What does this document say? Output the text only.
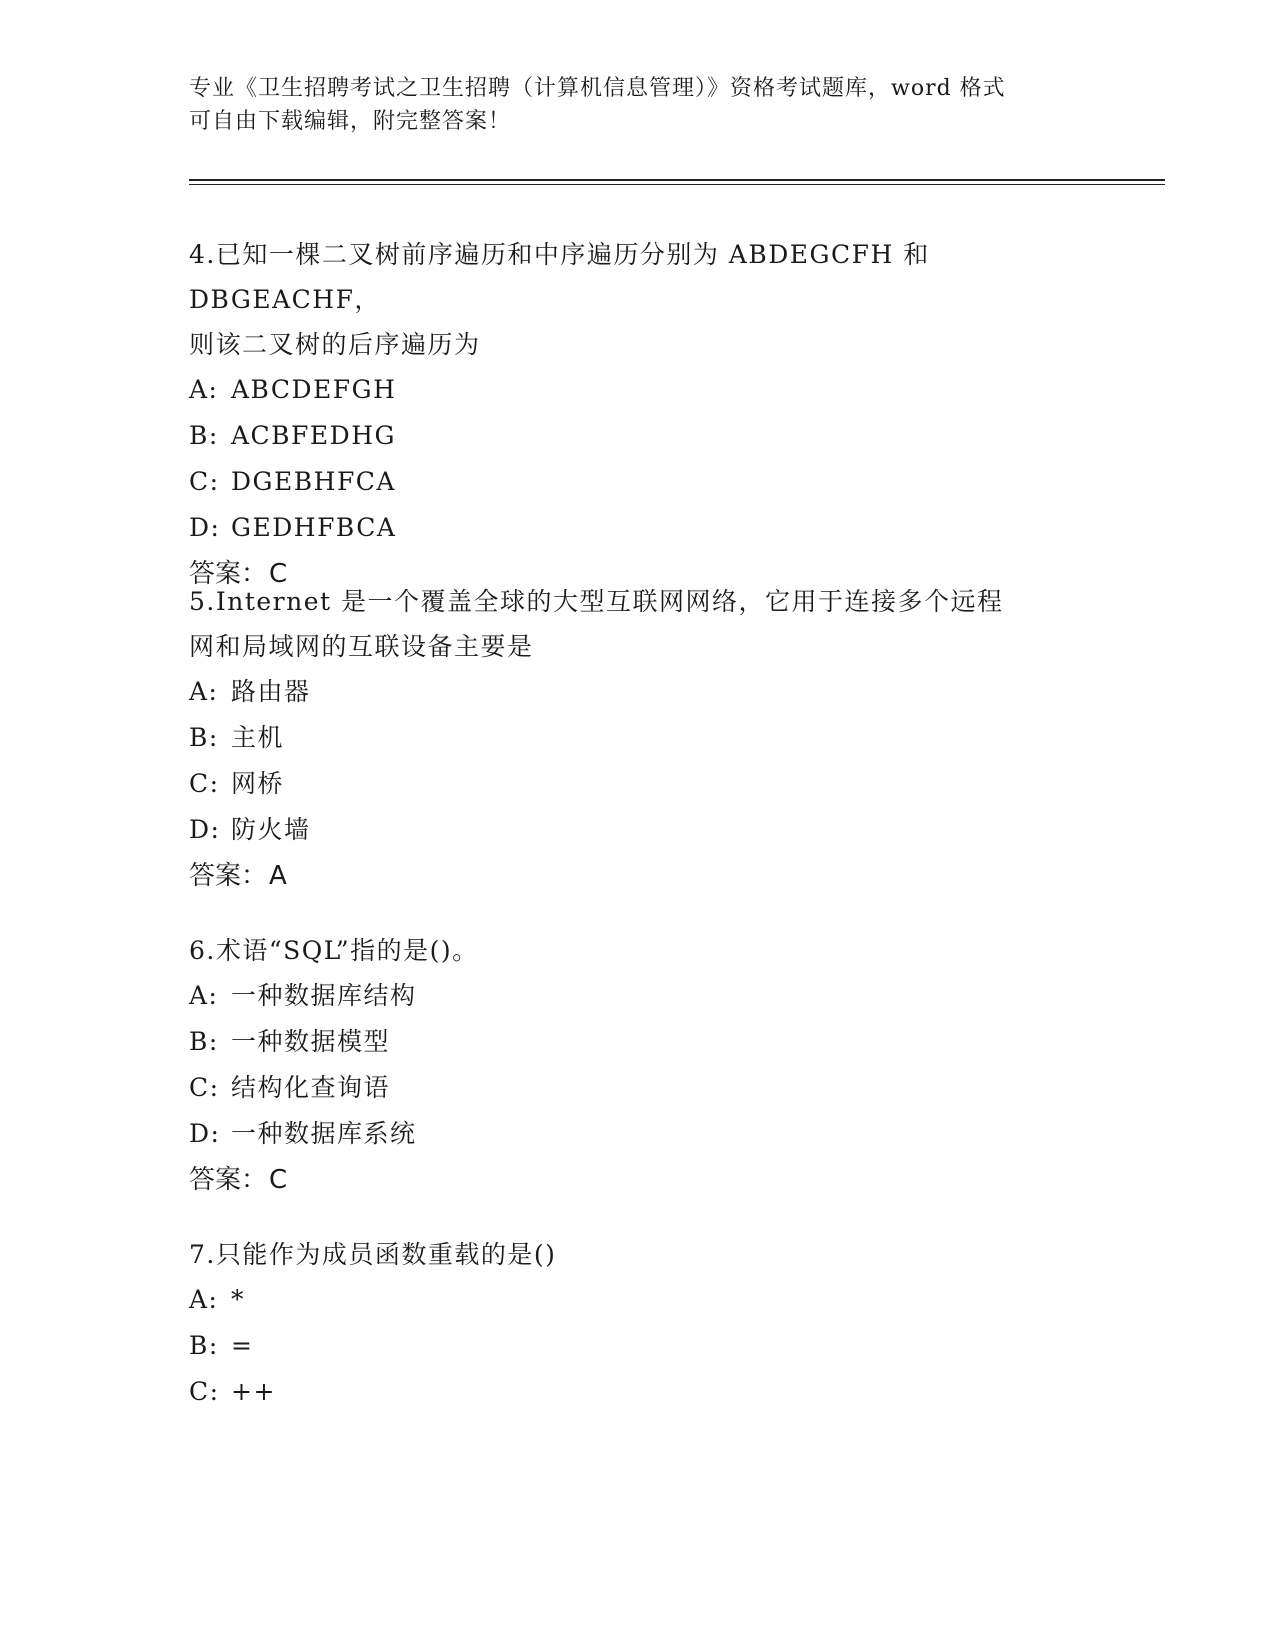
专业《卫生招聘考试之卫生招聘（计算机信息管理）》资格考试题库，word 格式
可自由下载编辑，附完整答案！
4.已知一棵二叉树前序遍历和中序遍历分别为 ABDEGCFH 和 DBGEACHF，
则该二叉树的后序遍历为
A: ABCDEFGH
B: ACBFEDHG
C: DGEBHFCA
D: GEDHFBCA
答案：C
5.Internet 是一个覆盖全球的大型互联网网络，它用于连接多个远程
网和局域网的互联设备主要是
A: 路由器
B: 主机
C: 网桥
D: 防火墙
答案：A
6.术语“SQL”指的是()。
A: 一种数据库结构
B: 一种数据模型
C: 结构化查询语
D: 一种数据库系统
答案：C
7.只能作为成员函数重载的是()
A: *
B: =
C: ++
